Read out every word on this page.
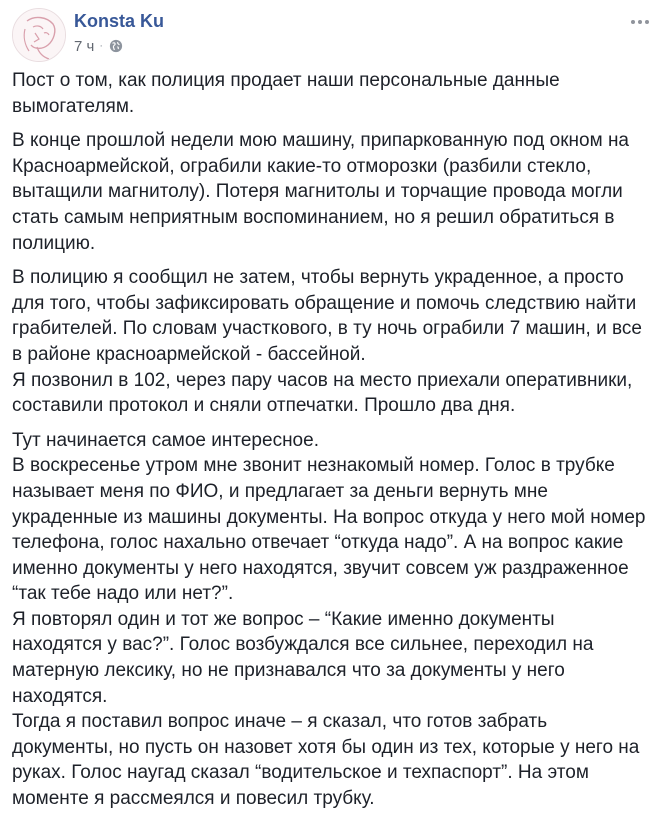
Konsta Ku
7 ч ·

Пост о том, как полиция продает наши персональные данные вымогателям.

В конце прошлой недели мою машину, припаркованную под окном на Красноармейской, ограбили какие-то отморозки (разбили стекло, вытащили магнитолу). Потеря магнитолы и торчащие провода могли стать самым неприятным воспоминанием, но я решил обратиться в полицию.

В полицию я сообщил не затем, чтобы вернуть украденное, а просто для того, чтобы зафиксировать обращение и помочь следствию найти грабителей. По словам участкового, в ту ночь ограбили 7 машин, и все в районе красноармейской - бассейной.
Я позвонил в 102, через пару часов на место приехали оперативники, составили протокол и сняли отпечатки. Прошло два дня.

Тут начинается самое интересное.
В воскресенье утром мне звонит незнакомый номер. Голос в трубке называет меня по ФИО, и предлагает за деньги вернуть мне украденные из машины документы. На вопрос откуда у него мой номер телефона, голос нахально отвечает “откуда надо”. А на вопрос какие именно документы у него находятся, звучит совсем уж раздраженное “так тебе надо или нет?”.
Я повторял один и тот же вопрос – “Какие именно документы находятся у вас?”. Голос возбуждался все сильнее, переходил на матерную лексику, но не признавался что за документы у него находятся.
Тогда я поставил вопрос иначе – я сказал, что готов забрать документы, но пусть он назовет хотя бы один из тех, которые у него на руках. Голос наугад сказал “водительское и техпаспорт”. На этом моменте я рассмеялся и повесил трубку.
